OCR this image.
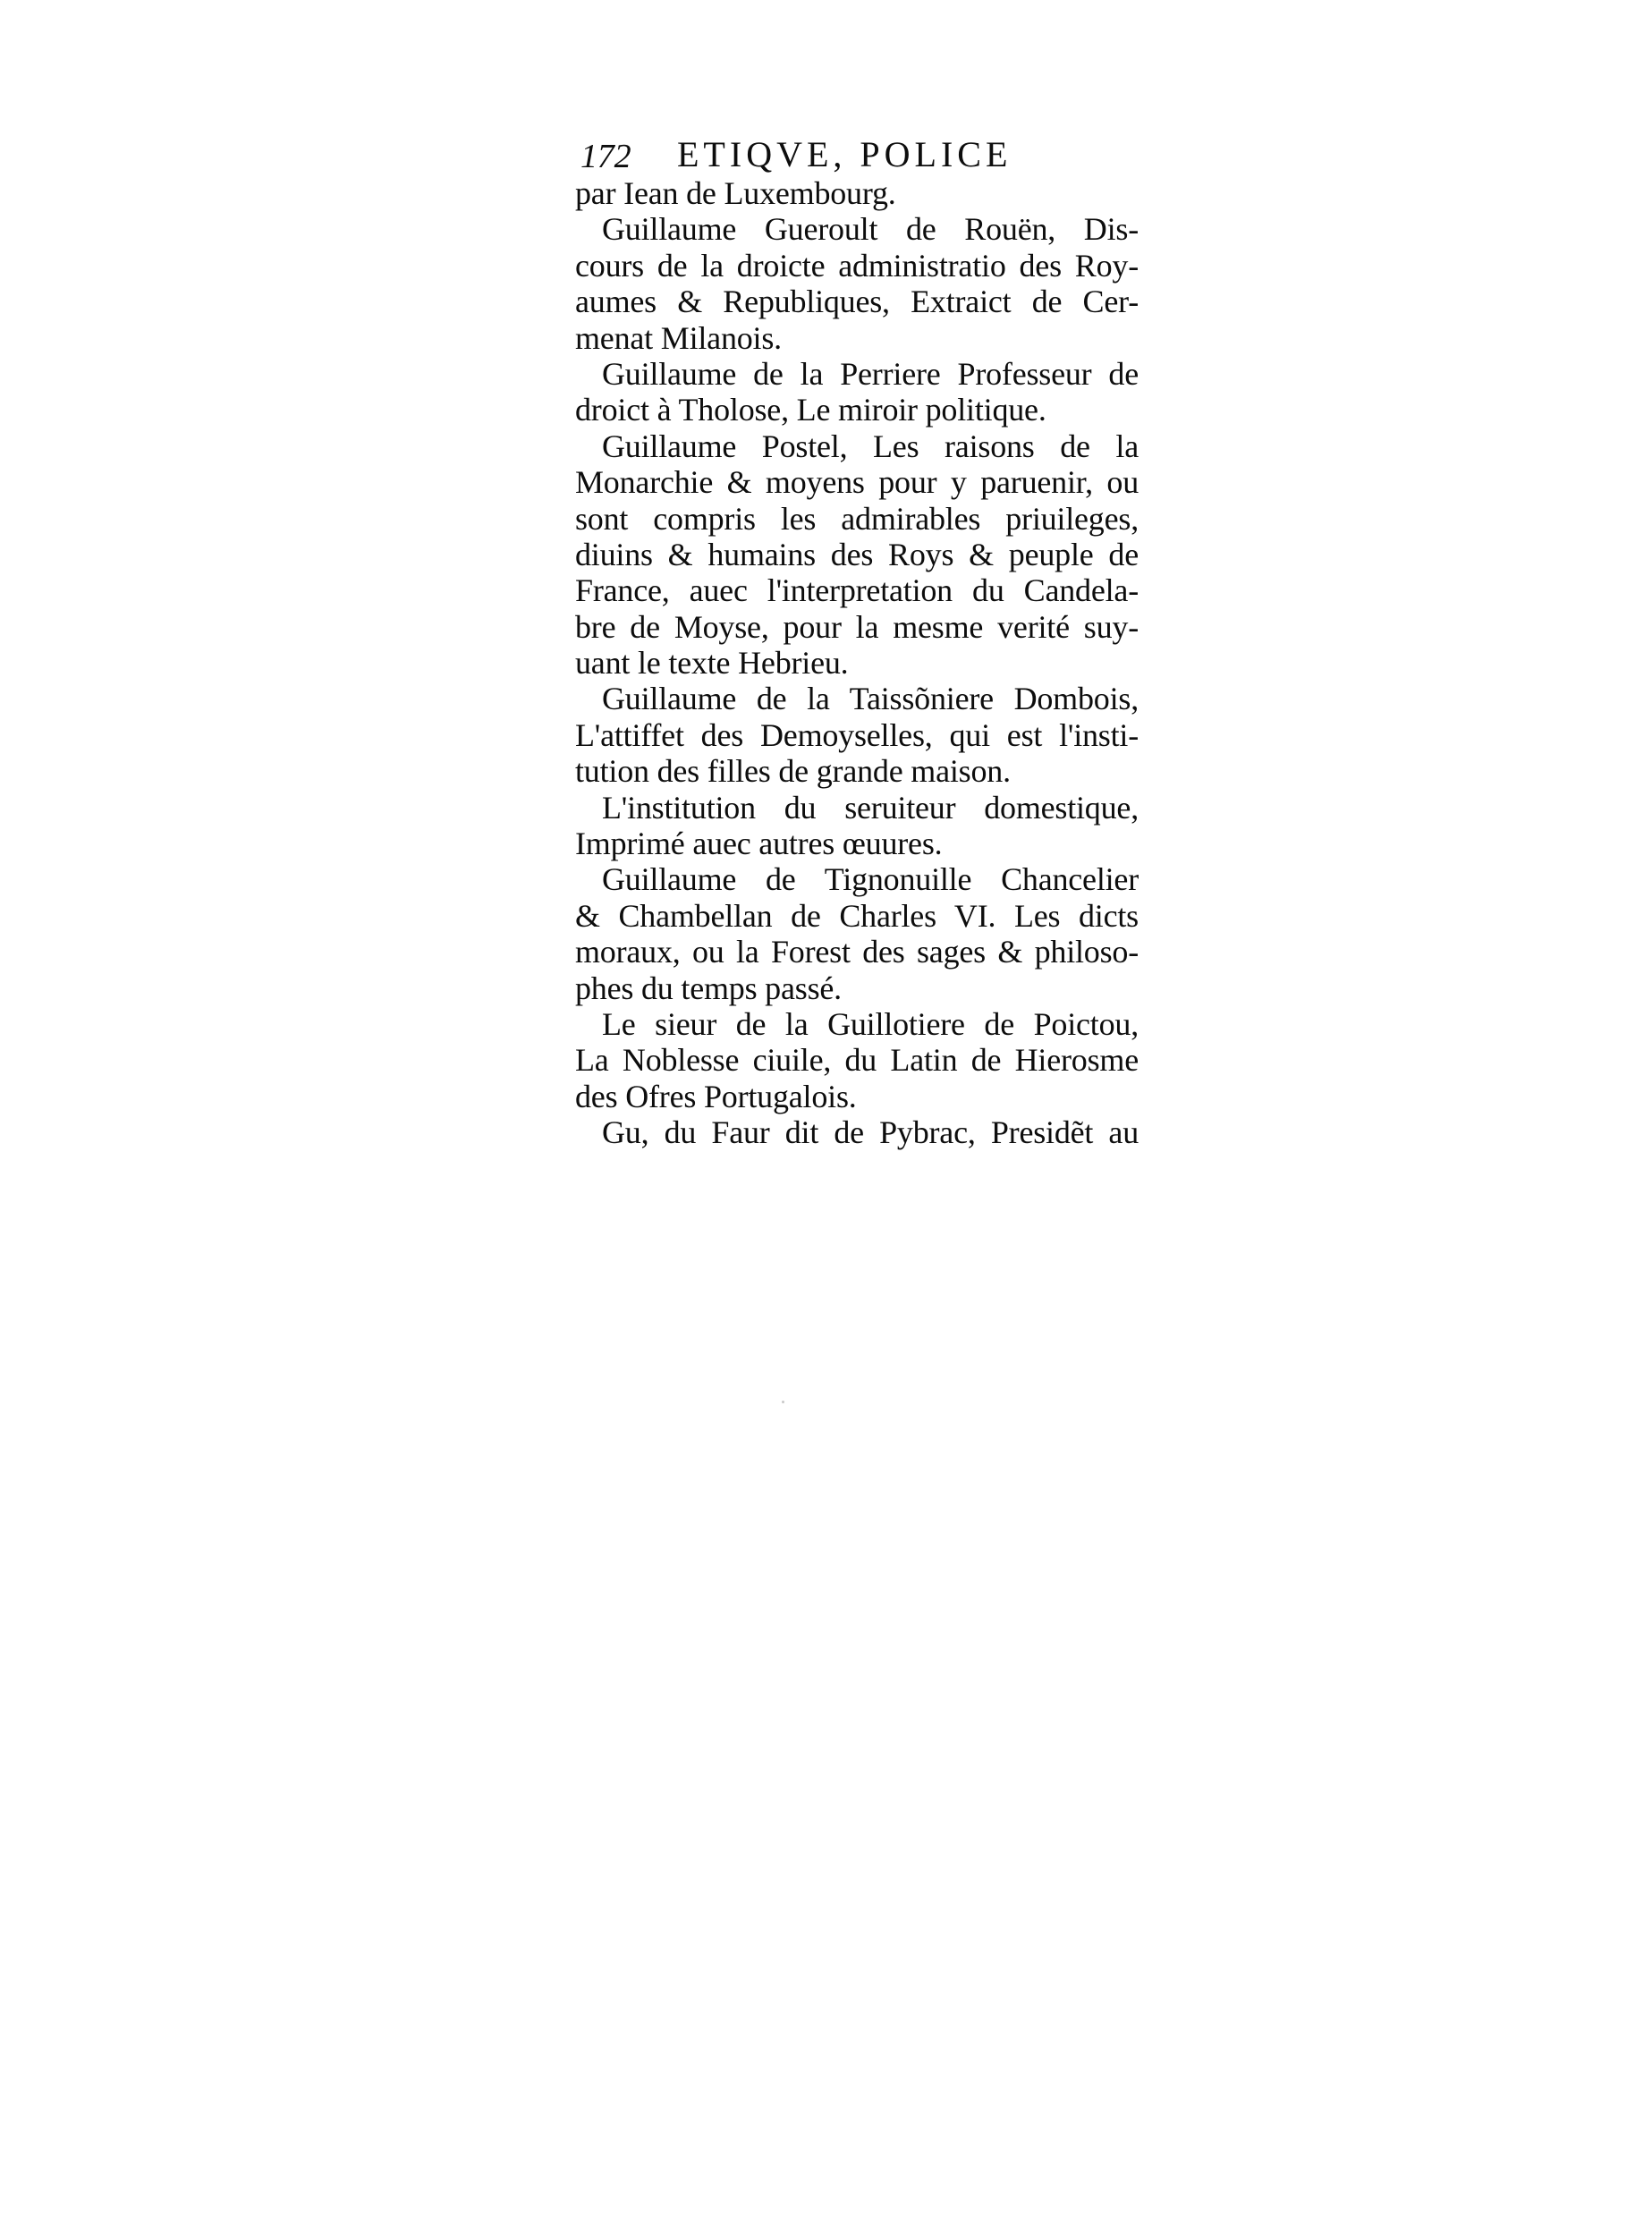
172 ETIQVE, POLICE
par Iean de Luxembourg.
Guillaume Gueroult de Rouën, Dis-
cours de la droicte administratio des Roy-
aumes & Republiques, Extraict de Cer-
menat Milanois.
Guillaume de la Perriere Professeur de
droict à Tholose, Le miroir politique.
Guillaume Postel, Les raisons de la
Monarchie & moyens pour y paruenir, ou
sont compris les admirables priuileges,
diuins & humains des Roys & peuple de
France, auec l'interpretation du Candela-
bre de Moyse, pour la mesme verité suy-
uant le texte Hebrieu.
Guillaume de la Taissõniere Dombois,
L'attiffet des Demoyselles, qui est l'insti-
tution des filles de grande maison.
L'institution du seruiteur domestique,
Imprimé auec autres œuures.
Guillaume de Tignonuille Chancelier
& Chambellan de Charles VI. Les dicts
moraux, ou la Forest des sages & philoso-
phes du temps passé.
Le sieur de la Guillotiere de Poictou,
La Noblesse ciuile, du Latin de Hierosme
des Ofres Portugalois.
Gu, du Faur dit de Pybrac, Presidẽt au
